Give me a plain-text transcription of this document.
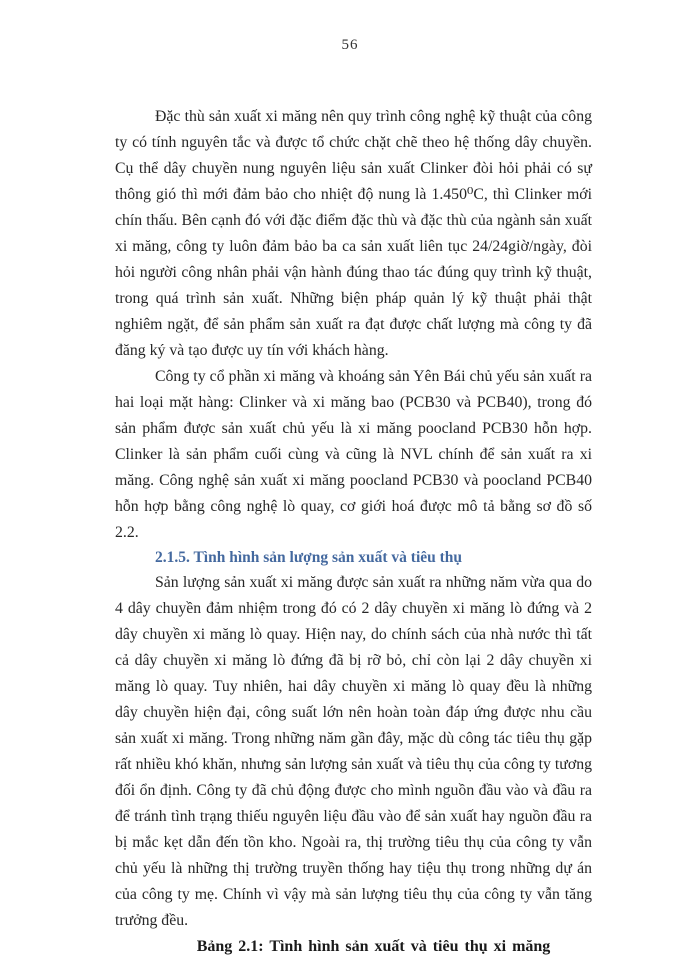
56

Đặc thù sản xuất xi măng nên quy trình công nghệ kỹ thuật của công ty có tính nguyên tắc và được tổ chức chặt chẽ theo hệ thống dây chuyền. Cụ thể dây chuyền nung nguyên liệu sản xuất Clinker đòi hỏi phải có sự thông gió thì mới đảm bảo cho nhiệt độ nung là 1.450⁰C, thì Clinker mới chín thấu. Bên cạnh đó với đặc điểm đặc thù và đặc thù của ngành sản xuất xi măng, công ty luôn đảm bảo ba ca sản xuất liên tục 24/24giờ/ngày, đòi hỏi người công nhân phải vận hành đúng thao tác đúng quy trình kỹ thuật, trong quá trình sản xuất. Những biện pháp quản lý kỹ thuật phải thật nghiêm ngặt, để sản phẩm sản xuất ra đạt được chất lượng mà công ty đã đăng ký và tạo được uy tín với khách hàng.

Công ty cổ phần xi măng và khoáng sản Yên Bái chủ yếu sản xuất ra hai loại mặt hàng: Clinker và xi măng bao (PCB30 và PCB40), trong đó sản phẩm được sản xuất chủ yếu là xi măng poocland PCB30 hỗn hợp. Clinker là sản phẩm cuối cùng và cũng là NVL chính để sản xuất ra xi măng. Công nghệ sản xuất xi măng poocland PCB30 và poocland PCB40 hỗn hợp bằng công nghệ lò quay, cơ giới hoá được mô tả bằng sơ đồ số 2.2.

2.1.5. Tình hình sản lượng sản xuất và tiêu thụ

Sản lượng sản xuất xi măng được sản xuất ra những năm vừa qua do 4 dây chuyền đảm nhiệm trong đó có 2 dây chuyền xi măng lò đứng và 2 dây chuyền xi măng lò quay. Hiện nay, do chính sách của nhà nước thì tất cả dây chuyền xi măng lò đứng đã bị rỡ bỏ, chỉ còn lại 2 dây chuyền xi măng lò quay. Tuy nhiên, hai dây chuyền xi măng lò quay đều là những dây chuyền hiện đại, công suất lớn nên hoàn toàn đáp ứng được nhu cầu sản xuất xi măng. Trong những năm gần đây, mặc dù công tác tiêu thụ gặp rất nhiều khó khăn, nhưng sản lượng sản xuất và tiêu thụ của công ty tương đối ổn định. Công ty đã chủ động được cho mình nguồn đầu vào và đầu ra để tránh tình trạng thiếu nguyên liệu đầu vào để sản xuất hay nguồn đầu ra bị mắc kẹt dẫn đến tồn kho. Ngoài ra, thị trường tiêu thụ của công ty vẫn chủ yếu là những thị trường truyền thống hay tiệu thụ trong những dự án của công ty mẹ. Chính vì vậy mà sản lượng tiêu thụ của công ty vẫn tăng trưởng đều.

Bảng 2.1: Tình hình sản xuất và tiêu thụ xi măng
